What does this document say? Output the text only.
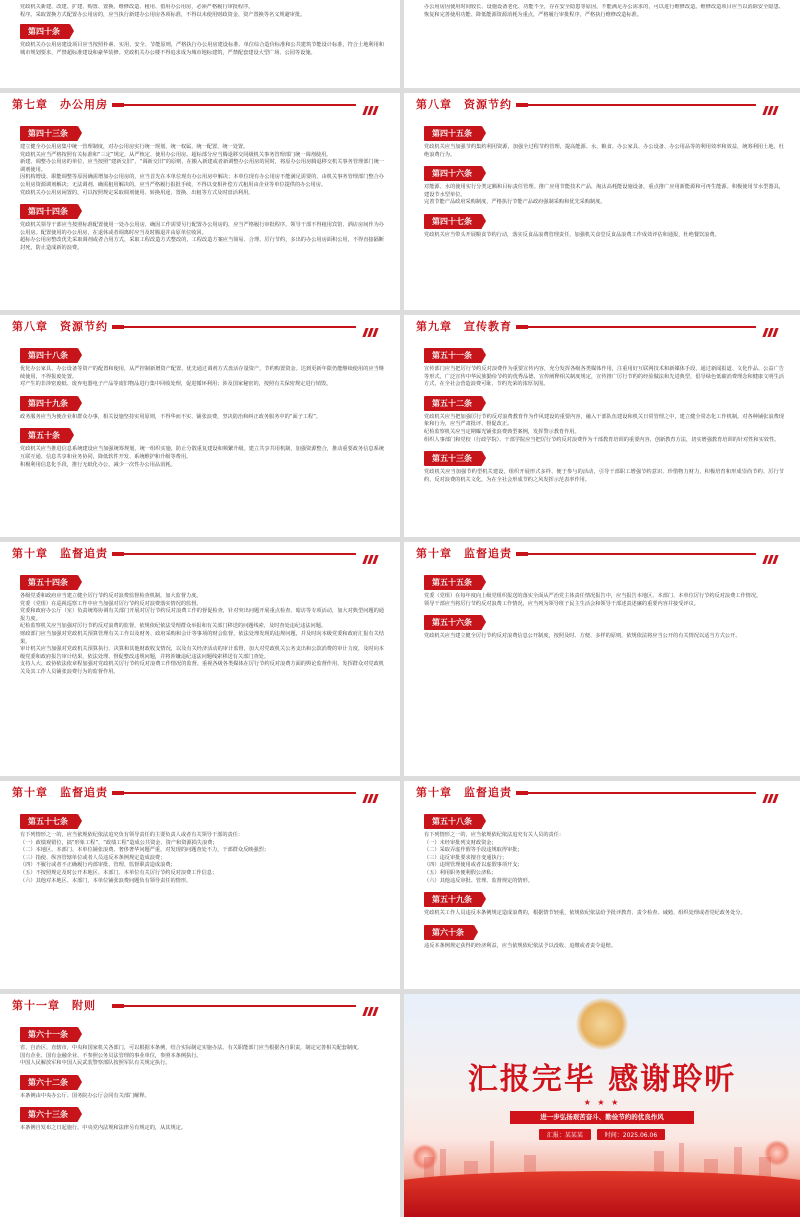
党政机关新建、改建、扩建、购置、置换、维修改造、租用、借用办公用房，必须严格履行审批程序。
程序。采取置换方式配置办公用房的，应当执行新建办公用房各项标准，不得以未使用财政资金、资产置换等名义规避审批。
第四十条
党政机关办公用房建设项目应当按照朴素、实用、安全、节能原则，严格执行办公用房建设标准、单位综合造价标准和公共建筑节能设计标准，符合土地利用和城市规划要求，严禁超标准建设和豪华装修。党政机关办公楼不得追求成为城市地标建筑，严禁配套建设大型广场、公园等设施。
办公用房因使用时间较长、设施设备老化、功能不全，存在安全隐患等原因，不能满足办公需求的，可以进行维修改造。维修改造项目应当以消除安全隐患、恢复和完善使用功能、降低能源资源消耗为重点，严格履行审批程序，严格执行维修改造标准。
第七章　办公用房
第四十三条
建立健全办公用房集中统一管理制度，对办公用房实行统一规划、统一权属、统一配置、统一处置。
党政机关应当严格按照有关标准和“三定”规定，从严核定、使用办公用房。超标部分应当腾退移交同级机关事务管理部门统一调剂使用。
新建、调整办公用房的单位，应当按照“建新交旧”、“调新交旧”的原则，在搬入新建或者新调整办公用房的同时，将原办公用房腾退移交机关事务管理部门统一调剂使用。
因机构增设、职能调整等原因确需增加办公用房的，应当首先在本单位现有办公用房中解决；本单位现有办公用房不能满足需要的，由机关事务管理部门整合办公用房资源调剂解决；无法调剂、确需租用解决的，应当严格履行报批手续，不得以变相补偿方式租用由企业等单位提供的办公用房。
党政机关办公用房闲置的，可以按照规定采取调剂使用、转换用途、置换、出租等方式及时盘活利用。
第四十四条
党政机关领导干部应当按照标准配置使用一处办公用房，确因工作需要另行配置办公用房的，应当严格履行审批程序。领导干部不得租用宾馆、酒店房间作为办公用房。配置使用的办公用房，在退休或者调离时应当及时腾退并由原单位收回。
超标办公用房整改优先采取调剂或者合用方式，采取工程改造方式整改的，工程改造方案应当简易、合理、厉行节约，多出的办公用房面积公用，不得直接隔断封死，防止造成新的浪费。
第八章　资源节约
第四十五条
党政机关应当加强节约集约利用资源，加强全过程节约管理，提高能源、水、粮食、办公家具、办公设备、办公用品等的利用效率和效益，统筹利用土地，杜绝浪费行为。
第四十六条
对能源、水的使用实行分类定额和目标责任管理。推广应用节能技术产品，淘汰高耗能设施设备，重点推广应用新能源和可再生能源。积极使用节水型器具，建设节水型单位。
完善节能产品政府采购制度，严格执行节能产品政府强制采购和优先采购制度。
第四十七条
党政机关应当带头开展粮食节约行动，落实反食品浪费管理责任，加强机关食堂反食品浪费工作成效评估和通报，杜绝餐饮浪费。
第八章　资源节约
第四十八条
优化办公家具、办公设备等资产的配置和使用，从严控制新增资产配置，优先通过调剂方式盘活存量资产，节约购置资金。达到更新年限仍能继续使用的应当继续使用，不得报废处置。
对产生的非涉密废纸、废弃电器电子产品等废旧物品进行集中回收处理，促进循环利用；涉及国家秘密的，按照有关保密规定进行销毁。
第四十九条
政务服务应当为便企业和群众办事，相关设施坚持实用原则，不得华而不实、铺张浪费，坚决防治和纠正政务服务中的“面子工程”。
第五十条
党政机关应当推进信息系统建设应当加强统筹规划，统一组织实施，防止分散重复建设和频繁升级。建立共享共用机制，加强资源整合，推动重要政务信息系统互联互通、信息共享和业务协同，降低软件开发、系统维护和升级等费用。
积极利用信息化手段，推行无纸化办公，减少一次性办公用品消耗。
第九章　宣传教育
第五十一条
宣传部门应当把厉行节约反对浪费作为重要宣传内容，充分发挥各级各类媒体作用，注重用好互联网技术和新媒体手段，通过新闻报道、文化作品、公益广告等形式，广泛宣传中华民族勤俭节约的优秀品德，宣传阐释相关制度规定，宣传推广厉行节约的经验做法和先进典型，倡导绿色低碳消费理念和健康文明生活方式，在全社会营造浪费可耻、节约光荣的浓厚氛围。
第五十二条
党政机关应当把加强厉行节约反对浪费教育作为作风建设的重要内容，融入干部队伍建设和机关日常管理之中，建立健全常态化工作机制。对各种铺张浪费现象和行为，应当严肃批评、督促改正。
纪检监察机关应当定期曝光铺张浪费典型案例，发挥警示教育作用。
组织人事部门和党校（行政学院）、干部学院应当把厉行节约反对浪费作为干部教育培训的重要内容，创新教育方法，切实增强教育培训的针对性和实效性。
第五十三条
党政机关应当加强节约型机关建设，组织开展形式多样、便于参与的活动，引导干部职工增强节约意识、珍惜物力财力，积极培育和形成崇尚节约、厉行节约、反对浪费的机关文化，为在全社会形成节约之风发挥示范表率作用。
第十章　监督追责
第五十四条
各级党委和政府应当建立健全厉行节约反对浪费监督检查机制，加大监督力度。
党委（党组）在巡视巡察工作中应当加强对厉行节约反对浪费落实情况的监督。
党委和政府办公厅（室）负责统筹协调有关部门开展对厉行节约反对浪费工作的督促检查，针对突出问题开展重点检查、暗访等专项活动，加大对典型问题的通报力度。
纪检监察机关应当加强对厉行节约反对浪费的监督，依规依纪依法受理群众举报和有关部门移送的问题线索，及时查处违纪违法问题。
财政部门应当加强对党政机关预算管理有关工作以及财务、政府采购和会计等事项的财会监督，依法处理发现的违规问题，并及时向本级党委和政府汇报有关结果。
审计机关应当加强对党政机关预算执行、决算和其他财政收支情况，以及有关经济活动的审计监督，加大对党政机关公务支出和公款消费的审计力度，及时向本级党委和政府报告审计结果，依法处理、督促整改违规问题，并将涉嫌违纪违法问题线索移送有关部门查处。
支持人大、政协依法依章程加强对党政机关厉行节约反对浪费工作情况的监督。重视各级各类媒体在厉行节约反对浪费方面的舆论监督作用，发挥群众对党政机关及其工作人员铺张浪费行为的监督作用。
第十章　监督追责
第五十五条
党委（党组）在每年度向上级党组织报送的落实全面从严治党主体责任情况报告中，应当报告本地区、本部门、本单位厉行节约反对浪费工作情况。
领导干部应当将厉行节约反对浪费工作情况，应当列为领导班子民主生活会和领导干部述责述廉的重要内容并接受评议。
第五十六条
党政机关应当建立健全厉行节约反对浪费信息公开制度，按照及时、方便、多样的原则，依规依法将应当公开的有关情况以适当方式公开。
第十章　监督追责
第五十七条
有下列情形之一的，应当依规依纪依法追究负有领导责任的主要负责人或者有关领导干部的责任：
（一）政绩观错位，搞“形象工程”、“政绩工程”造成公共资金、资产和资源损失浪费；
（二）本地区、本部门、本单位铺张浪费、奢侈奢华问题严重，对发现的问题查处不力，干部群众反映强烈；
（三）指使、纵容管辖单位或者人员违反本条例规定造成浪费；
（四）不履行或者不正确履行内部审批、管理、监督职责造成浪费；
（五）不按照规定及时公开本地区、本部门、本单位有关厉行节约反对浪费工作信息；
（六）其他对本地区、本部门、本单位铺张浪费问题负有领导责任的情形。
第十章　监督追责
第五十八条
有下列情形之一的，应当依规依纪依法追究有关人员的责任：
（一）未经审批列支财政资金；
（二）采取弄虚作假等手段违规取得审批；
（三）违反审批要求擅自变通执行；
（四）违规管理使用或者以虚假事项开支；
（五）利用职务便利假公济私；
（六）其他违反审批、管理、监督规定的情形。
第五十九条
党政机关工作人员违反本条例规定造成浪费的，根据情节轻重，依规依纪依法给予批评教育、责令检查、诫勉、组织处理或者党纪政务处分。
第六十条
违反本条例规定获得的经济利益，应当依规依纪依法予以没收、追缴或者责令退赔。
第十一章　附则
第六十一条
省、自治区、直辖市，中央和国家机关各部门，可以根据本条例，结合实际制定实施办法。有关职能部门应当根据各自职责，制定完善相关配套制度。
国有企业、国有金融企业、不参照公务员法管理的事业单位，参照本条例执行。
中国人民解放军和中国人民武装警察部队按照军队有关规定执行。
第六十二条
本条例由中央办公厅、国务院办公厅会同有关部门解释。
第六十三条
本条例自发布之日起施行。中央党内法规和法律另有规定的，从其规定。
汇报完毕 感谢聆听
★ ★ ★
进一步弘扬艰苦奋斗、勤俭节约的优良作风
汇报：某某某	时间：2025.06.06
